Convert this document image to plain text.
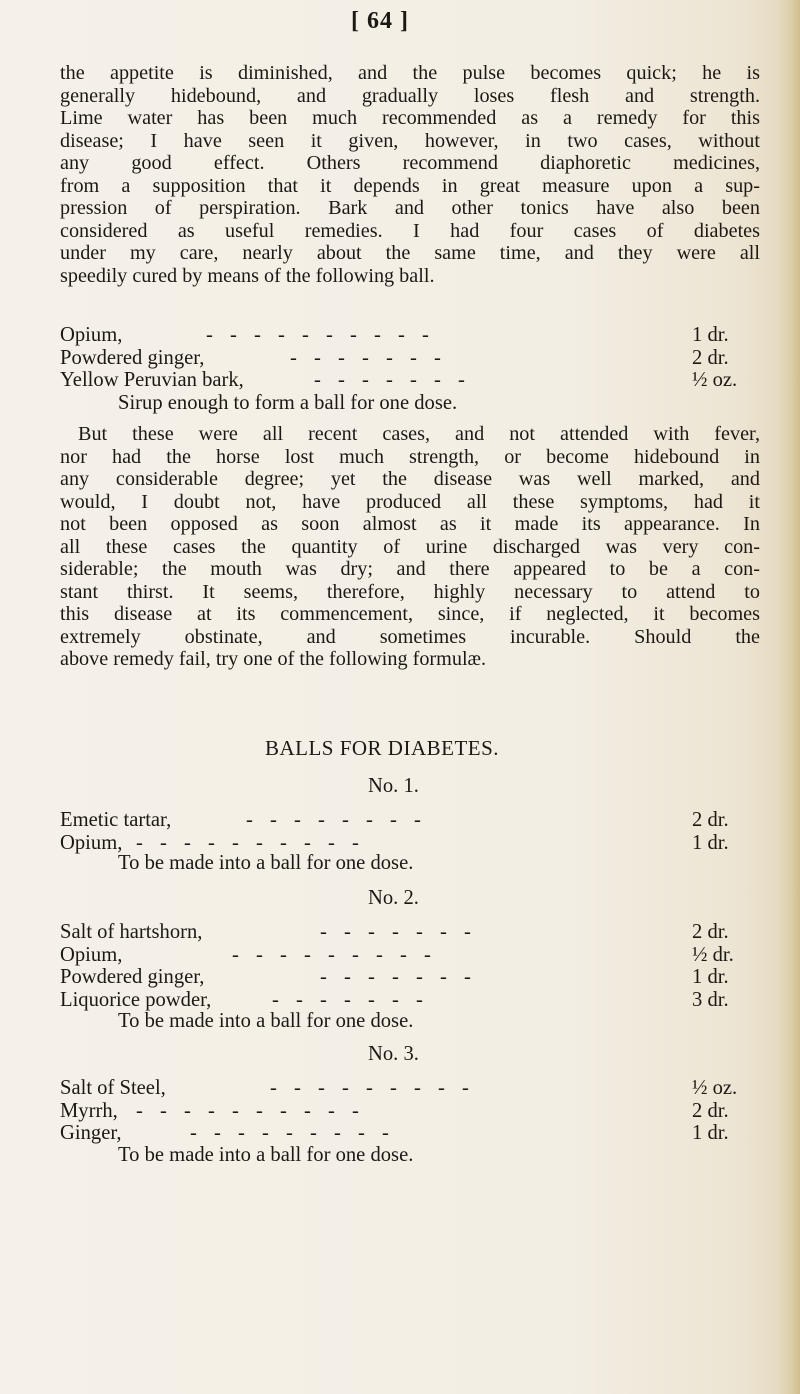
[ 64 ]

the appetite is diminished, and the pulse becomes quick; he is
generally hidebound, and gradually loses flesh and strength.
Lime water has been much recommended as a remedy for this
disease; I have seen it given, however, in two cases, without
any good effect. Others recommend diaphoretic medicines,
from a supposition that it depends in great measure upon a sup-
pression of perspiration. Bark and other tonics have also been
considered as useful remedies. I had four cases of diabetes
under my care, nearly about the same time, and they were all
speedily cured by means of the following ball.

Opium,	- - - - - - - - - -	1 dr.
Powdered ginger,	- - - - - - -	2 dr.
Yellow Peruvian bark,	- - - - - - -	½ oz.
Sirup enough to form a ball for one dose.

But these were all recent cases, and not attended with fever,
nor had the horse lost much strength, or become hidebound in
any considerable degree; yet the disease was well marked, and
would, I doubt not, have produced all these symptoms, had it
not been opposed as soon almost as it made its appearance. In
all these cases the quantity of urine discharged was very con-
siderable; the mouth was dry; and there appeared to be a con-
stant thirst. It seems, therefore, highly necessary to attend to
this disease at its commencement, since, if neglected, it becomes
extremely obstinate, and sometimes incurable. Should the
above remedy fail, try one of the following formulæ.

BALLS FOR DIABETES.
No. 1.
Emetic tartar,	- - - - - - - -	2 dr.
Opium, - - - - - - - - - -	1 dr.
To be made into a ball for one dose.
No. 2.
Salt of hartshorn,	- - - - - - -	2 dr.
Opium,	- - - - - - - - -	½ dr.
Powdered ginger,	- - - - - - -	1 dr.
Liquorice powder,	- - - - - - -	3 dr.
To be made into a ball for one dose.
No. 3.
Salt of Steel,	- - - - - - - - -	½ oz.
Myrrh, - - - - - - - - - -	2 dr.
Ginger,	- - - - - - - - -	1 dr.
To be made into a ball for one dose.
